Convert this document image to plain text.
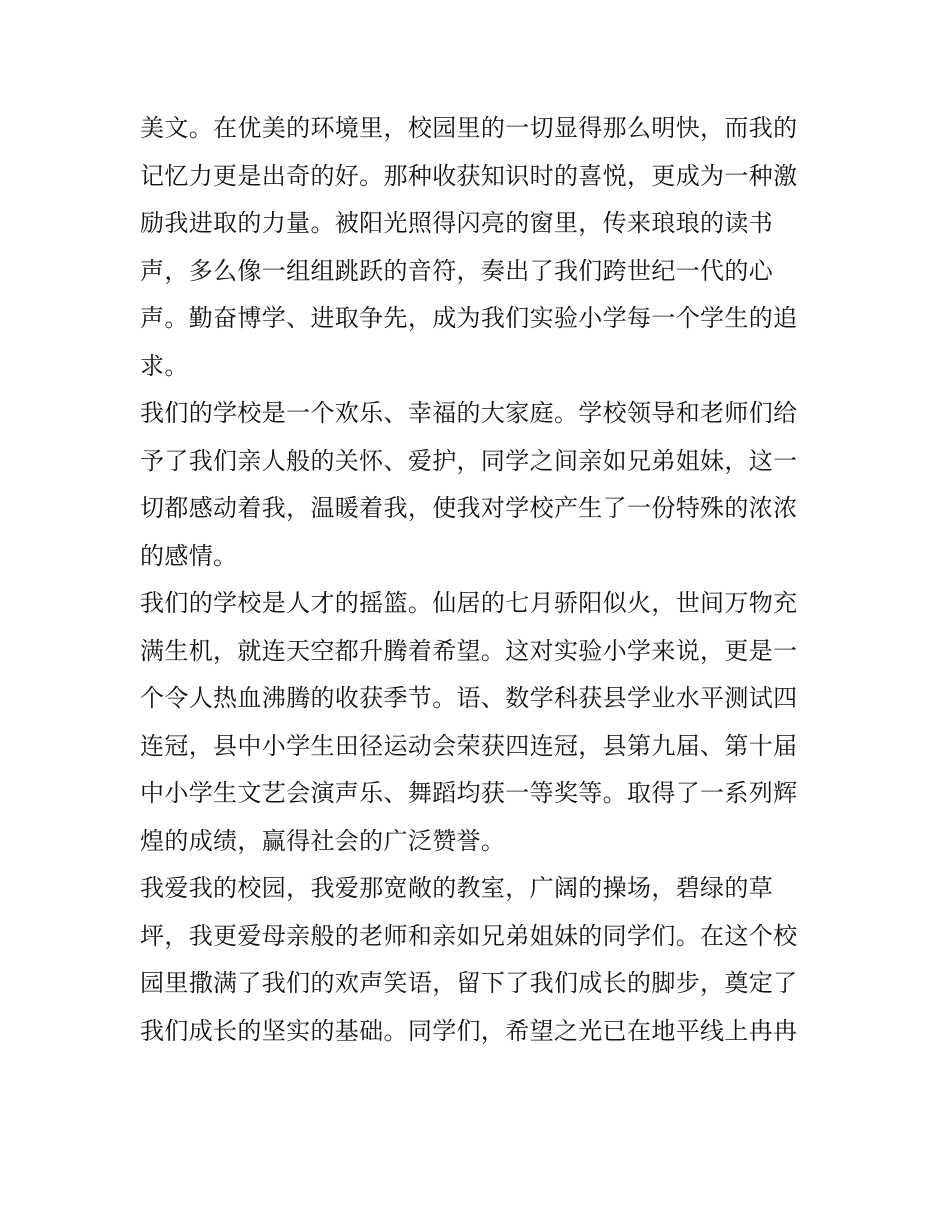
美文。在优美的环境里，校园里的一切显得那么明快，而我的
记忆力更是出奇的好。那种收获知识时的喜悦，更成为一种激
励我进取的力量。被阳光照得闪亮的窗里，传来琅琅的读书
声，多么像一组组跳跃的音符，奏出了我们跨世纪一代的心
声。勤奋博学、进取争先，成为我们实验小学每一个学生的追
求。
我们的学校是一个欢乐、幸福的大家庭。学校领导和老师们给
予了我们亲人般的关怀、爱护，同学之间亲如兄弟姐妹，这一
切都感动着我，温暖着我，使我对学校产生了一份特殊的浓浓
的感情。
我们的学校是人才的摇篮。仙居的七月骄阳似火，世间万物充
满生机，就连天空都升腾着希望。这对实验小学来说，更是一
个令人热血沸腾的收获季节。语、数学科获县学业水平测试四
连冠，县中小学生田径运动会荣获四连冠，县第九届、第十届
中小学生文艺会演声乐、舞蹈均获一等奖等。取得了一系列辉
煌的成绩，赢得社会的广泛赞誉。
我爱我的校园，我爱那宽敞的教室，广阔的操场，碧绿的草
坪，我更爱母亲般的老师和亲如兄弟姐妹的同学们。在这个校
园里撒满了我们的欢声笑语，留下了我们成长的脚步，奠定了
我们成长的坚实的基础。同学们，希望之光已在地平线上冉冉
